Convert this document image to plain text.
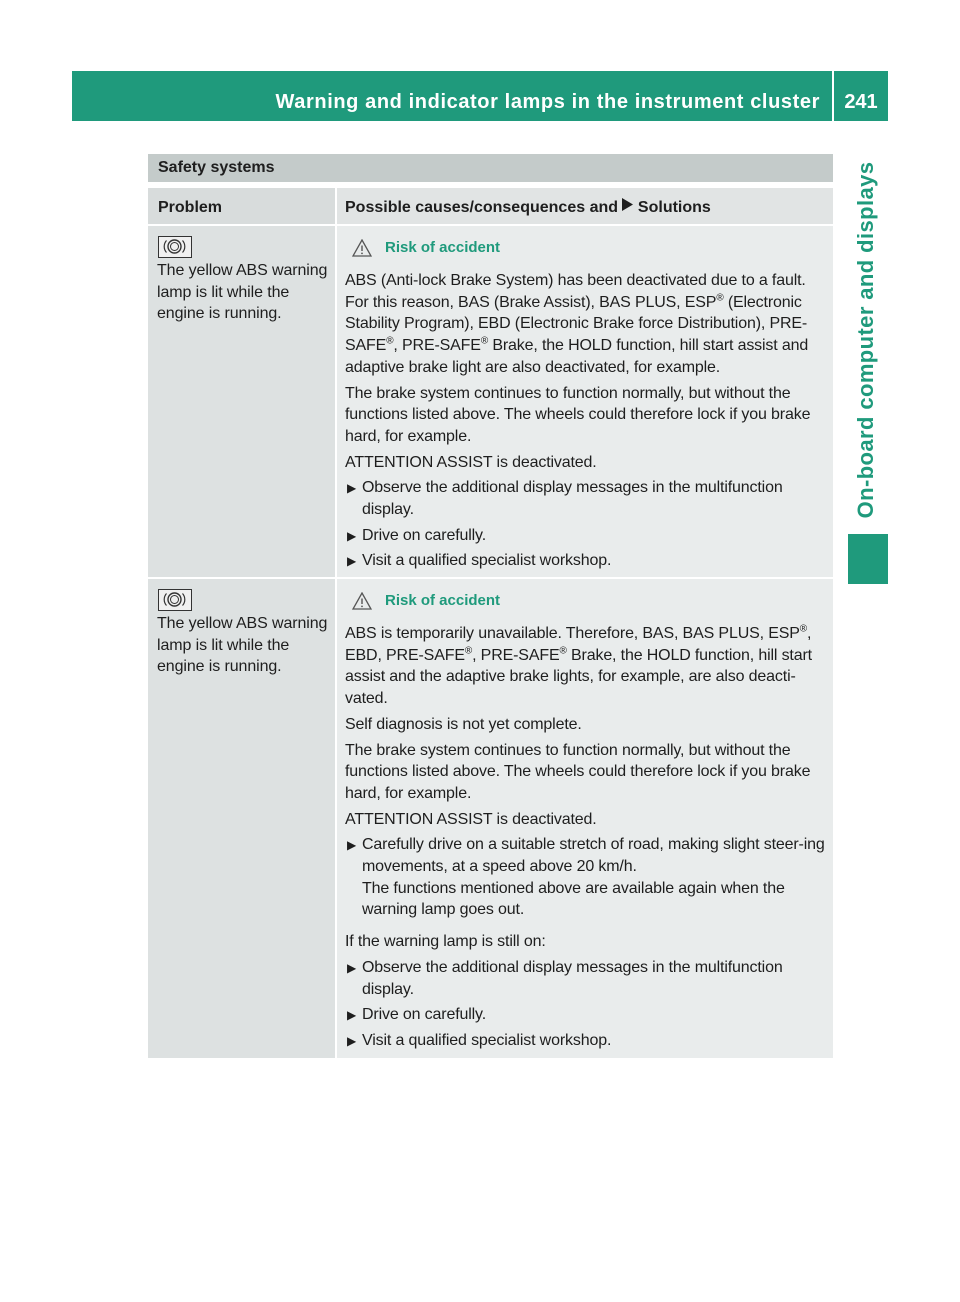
Warning and indicator lamps in the instrument cluster	241
On-board computer and displays
Safety systems
Problem	Possible causes/consequences and Solutions
The yellow ABS warning lamp is lit while the engine is running.
Risk of accident

ABS (Anti-lock Brake System) has been deactivated due to a fault. For this reason, BAS (Brake Assist), BAS PLUS, ESP® (Electronic Stability Program), EBD (Electronic Brake force Distribution), PRE-SAFE®, PRE-SAFE® Brake, the HOLD function, hill start assist and adaptive brake light are also deactivated, for example.

The brake system continues to function normally, but without the functions listed above. The wheels could therefore lock if you brake hard, for example.

ATTENTION ASSIST is deactivated.

▶ Observe the additional display messages in the multifunction display.
▶ Drive on carefully.
▶ Visit a qualified specialist workshop.
The yellow ABS warning lamp is lit while the engine is running.
Risk of accident

ABS is temporarily unavailable. Therefore, BAS, BAS PLUS, ESP®, EBD, PRE-SAFE®, PRE-SAFE® Brake, the HOLD function, hill start assist and the adaptive brake lights, for example, are also deacti-vated.

Self diagnosis is not yet complete.

The brake system continues to function normally, but without the functions listed above. The wheels could therefore lock if you brake hard, for example.

ATTENTION ASSIST is deactivated.

▶ Carefully drive on a suitable stretch of road, making slight steer-ing movements, at a speed above 20 km/h.
The functions mentioned above are available again when the warning lamp goes out.

If the warning lamp is still on:

▶ Observe the additional display messages in the multifunction display.
▶ Drive on carefully.
▶ Visit a qualified specialist workshop.
